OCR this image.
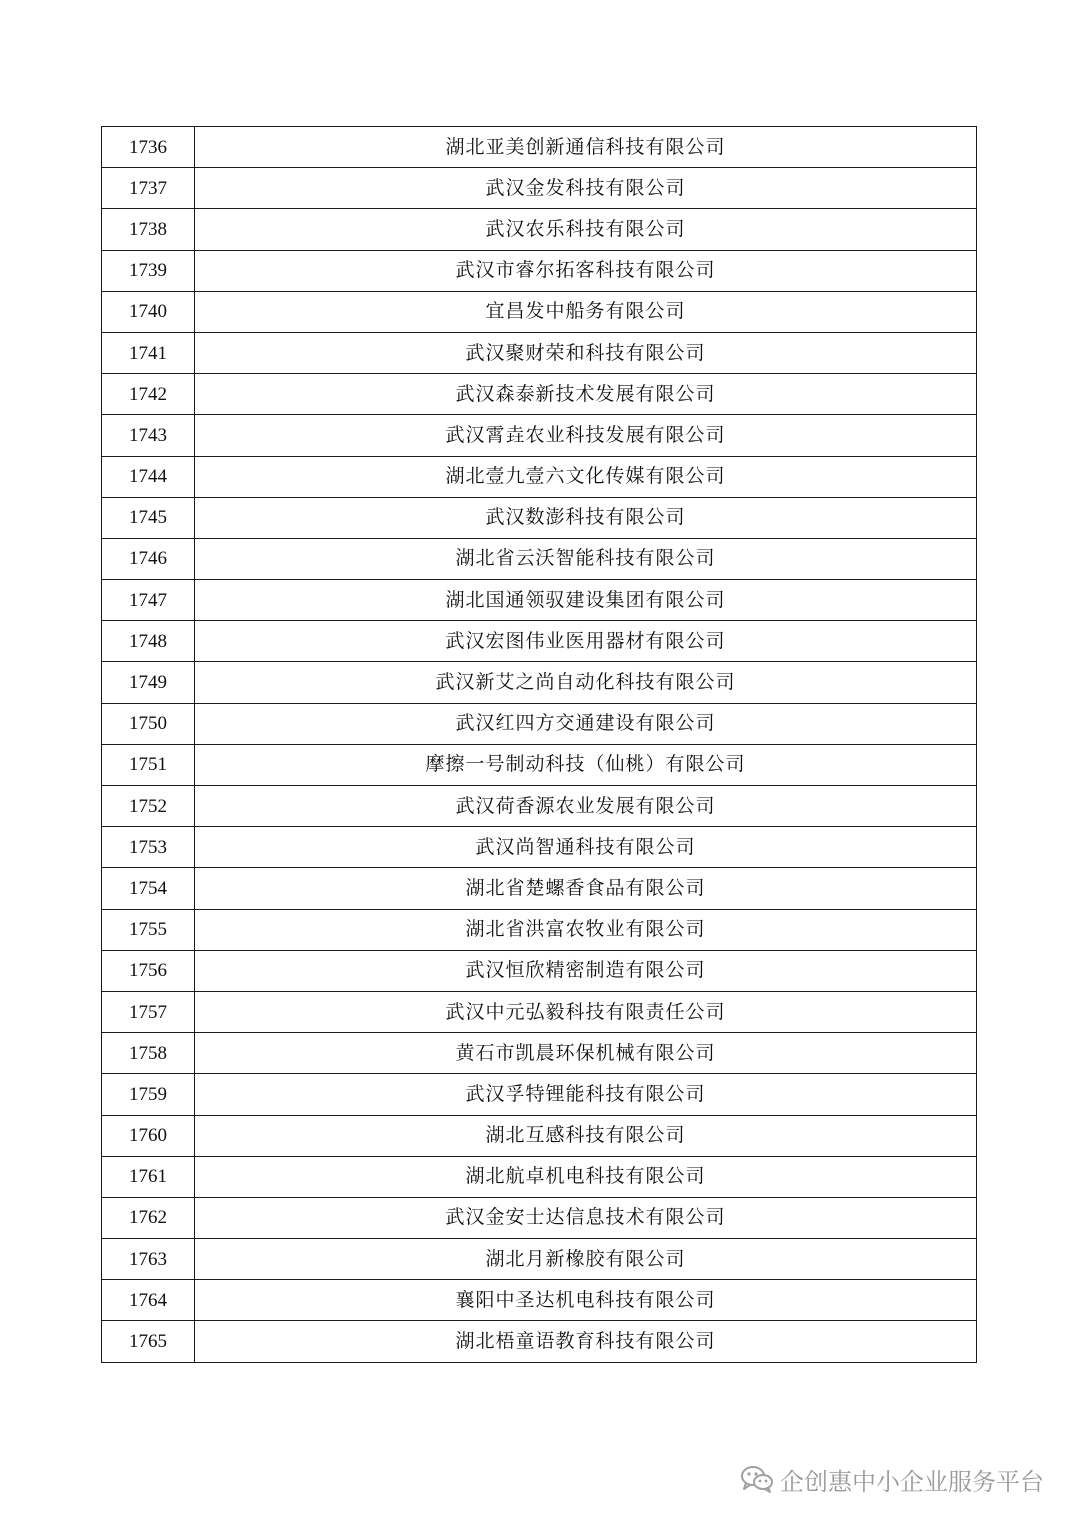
1736	湖北亚美创新通信科技有限公司
1737	武汉金发科技有限公司
1738	武汉农乐科技有限公司
1739	武汉市睿尔拓客科技有限公司
1740	宜昌发中船务有限公司
1741	武汉聚财荣和科技有限公司
1742	武汉森泰新技术发展有限公司
1743	武汉霄垚农业科技发展有限公司
1744	湖北壹九壹六文化传媒有限公司
1745	武汉数澎科技有限公司
1746	湖北省云沃智能科技有限公司
1747	湖北国通领驭建设集团有限公司
1748	武汉宏图伟业医用器材有限公司
1749	武汉新艾之尚自动化科技有限公司
1750	武汉红四方交通建设有限公司
1751	摩擦一号制动科技（仙桃）有限公司
1752	武汉荷香源农业发展有限公司
1753	武汉尚智通科技有限公司
1754	湖北省楚螺香食品有限公司
1755	湖北省洪富农牧业有限公司
1756	武汉恒欣精密制造有限公司
1757	武汉中元弘毅科技有限责任公司
1758	黄石市凯晨环保机械有限公司
1759	武汉孚特锂能科技有限公司
1760	湖北互感科技有限公司
1761	湖北航卓机电科技有限公司
1762	武汉金安士达信息技术有限公司
1763	湖北月新橡胶有限公司
1764	襄阳中圣达机电科技有限公司
1765	湖北梧童语教育科技有限公司
企创惠中小企业服务平台
